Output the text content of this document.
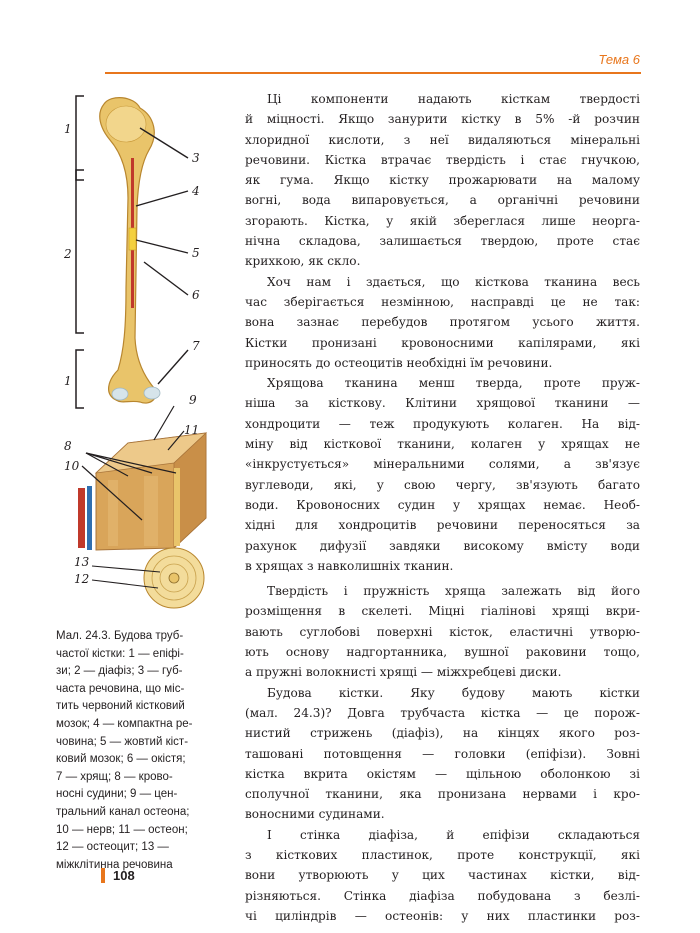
Тема 6
1
2
1
3
4
5
6
7
9
11
8
10
13
12
Мал. 24.3. Будова труб-
частої кістки: 1 — епіфі-
зи; 2 — діафіз; 3 — губ-
часта речовина, що міс-
тить червоний кістковий
мозок; 4 — компактна ре-
човина; 5 — жовтий кіст-
ковий мозок; 6 — окістя;
7 — хрящ; 8 — крово-
носні судини; 9 — цен-
тральний канал остеона;
10 — нерв; 11 — остеон;
12 — остеоцит; 13 —
міжклітинна речовина
Ці компоненти надають кісткам твердості
й міцності. Якщо занурити кістку в 5% -й розчин
хлоридної кислоти, з неї видаляються мінеральні
речовини. Кістка втрачає твердість і стає гнучкою,
як гума. Якщо кістку прожарювати на малому
вогні, вода випаровується, а органічні речовини
згорають. Кістка, у якій збереглася лише неорга-
нічна складова, залишається твердою, проте стає
крихкою, як скло.
Хоч нам і здається, що кісткова тканина весь
час зберігається незмінною, насправді це не так:
вона зазнає перебудов протягом усього життя.
Кістки пронизані кровоносними капілярами, які
приносять до остеоцитів необхідні їм речовини.
Хрящова тканина менш тверда, проте пруж-
ніша за кісткову. Клітини хрящової тканини —
хондроцити — теж продукують колаген. На від-
міну від кісткової тканини, колаген у хрящах не
«інкрустується» мінеральними солями, а зв'язує
вуглеводи, які, у свою чергу, зв'язують багато
води. Кровоносних судин у хрящах немає. Необ-
хідні для хондроцитів речовини переносяться за
рахунок дифузії завдяки високому вмісту води
в хрящах з навколишніх тканин.
Твердість і пружність хряща залежать від його
розміщення в скелеті. Міцні гіалінові хрящі вкри-
вають суглобові поверхні кісток, еластичні утворю-
ють основу надгортанника, вушної раковини тощо,
а пружні волокнисті хрящі — міжхребцеві диски.
Будова кістки. Яку будову мають кістки
(мал. 24.3)? Довга трубчаста кістка — це порож-
нистий стрижень (діафіз), на кінцях якого роз-
ташовані потовщення — головки (епіфізи). Зовні
кістка вкрита окістям — щільною оболонкою зі
сполучної тканини, яка пронизана нервами і кро-
воносними судинами.
І стінка діафіза, й епіфізи складаються
з кісткових пластинок, проте конструкції, які
вони утворюють у цих частинах кістки, від-
різняються. Стінка діафіза побудована з безлі-
чі циліндрів — остеонів: у них пластинки роз-
108
